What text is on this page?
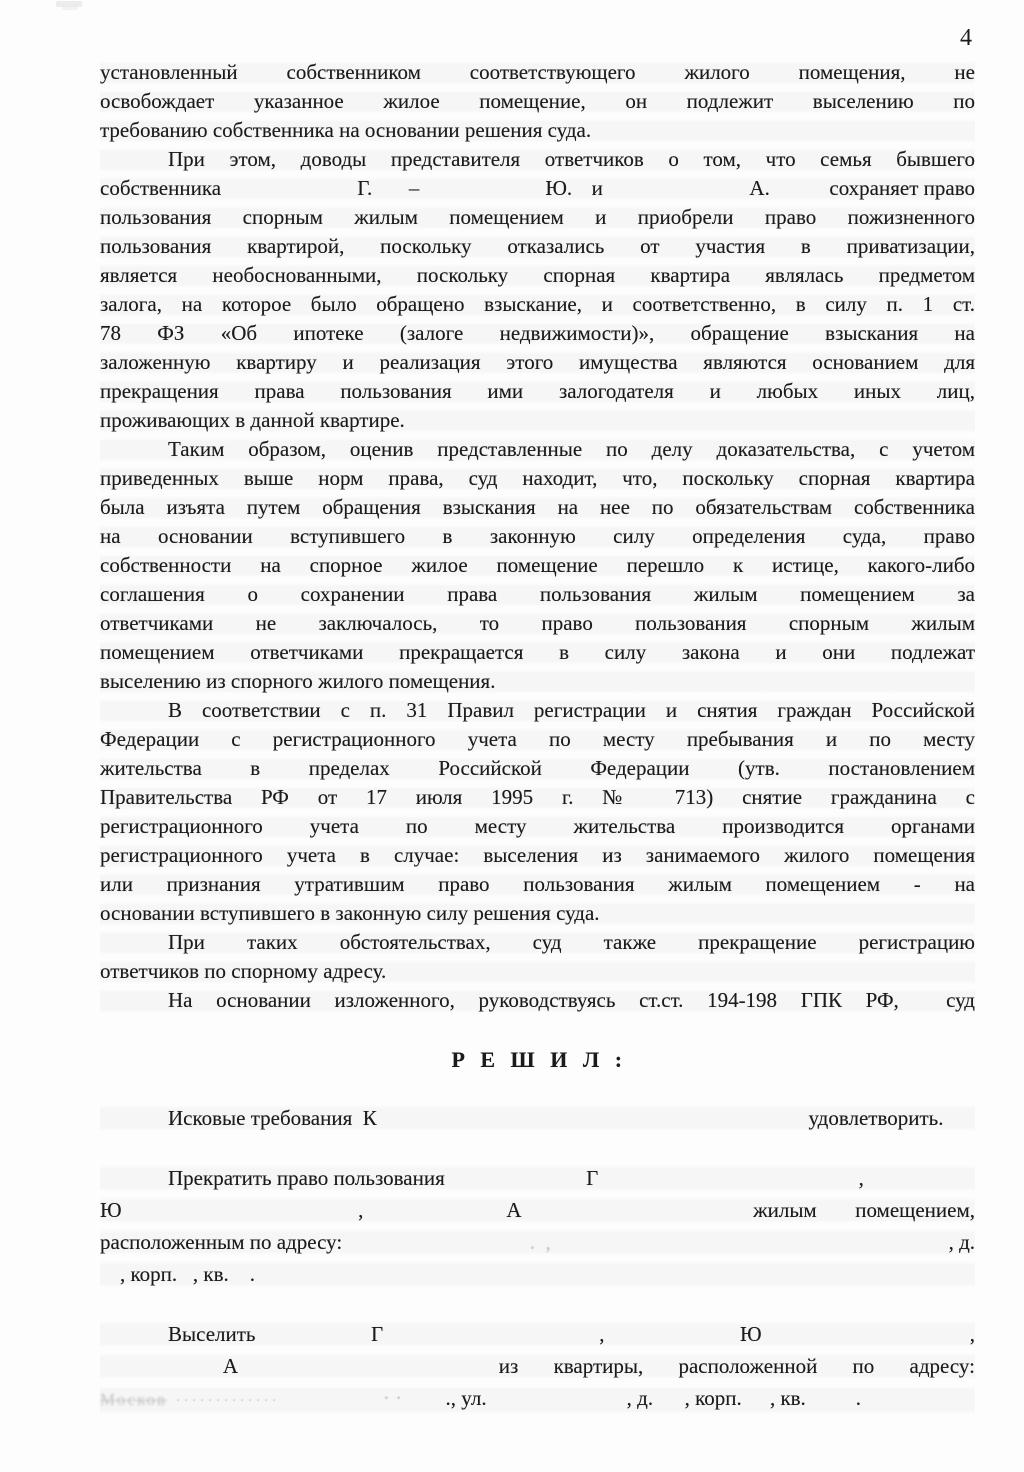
4
установленный собственником соответствующего жилого помещения, не
освобождает указанное жилое помещение, он подлежит выселению по
требованию собственника на основании решения суда.
При этом, доводы представителя ответчиков о том, что семья бывшего
собственника	Г. –	Ю. и	А.	сохраняет право
пользования спорным жилым помещением и приобрели право пожизненного
пользования квартирой, поскольку отказались от участия в приватизации,
является необоснованными, поскольку спорная квартира являлась предметом
залога, на которое было обращено взыскание, и соответственно, в силу п. 1 ст.
78 ФЗ «Об ипотеке (залоге недвижимости)», обращение взыскания на
заложенную квартиру и реализация этого имущества являются основанием для
прекращения права пользования ими залогодателя и любых иных лиц,
проживающих в данной квартире.
Таким образом, оценив представленные по делу доказательства, с учетом
приведенных выше норм права, суд находит, что, поскольку спорная квартира
была изъята путем обращения взыскания на нее по обязательствам собственника
на основании вступившего в законную силу определения суда, право
собственности на спорное жилое помещение перешло к истице, какого-либо
соглашения о сохранении права пользования жилым помещением за
ответчиками не заключалось, то право пользования спорным жилым
помещением ответчиками прекращается в силу закона и они подлежат
выселению из спорного жилого помещения.
В соответствии с п. 31 Правил регистрации и снятия граждан Российской
Федерации с регистрационного учета по месту пребывания и по месту
жительства в пределах Российской Федерации (утв. постановлением
Правительства РФ от 17 июля 1995 г. № 713) снятие гражданина с
регистрационного учета по месту жительства производится органами
регистрационного учета в случае: выселения из занимаемого жилого помещения
или признания утратившим право пользования жилым помещением - на
основании вступившего в законную силу решения суда.
При таких обстоятельствах, суд также прекращение регистрацию
ответчиков по спорному адресу.
На основании изложенного, руководствуясь ст.ст. 194-198 ГПК РФ,  суд
Р Е Ш И Л :
Исковые требования  К	удовлетворить.
Прекратить право пользования	Г	,
Ю	,	А	жилым  помещением,
расположенным по адресу:	.  ,	, д.
, корп.   , кв.    .
Выселить	Г	,	Ю	,
А	из квартиры, расположенной по адресу:
Москов ·············	· · ., ул.	, д. , корп. , кв. .
